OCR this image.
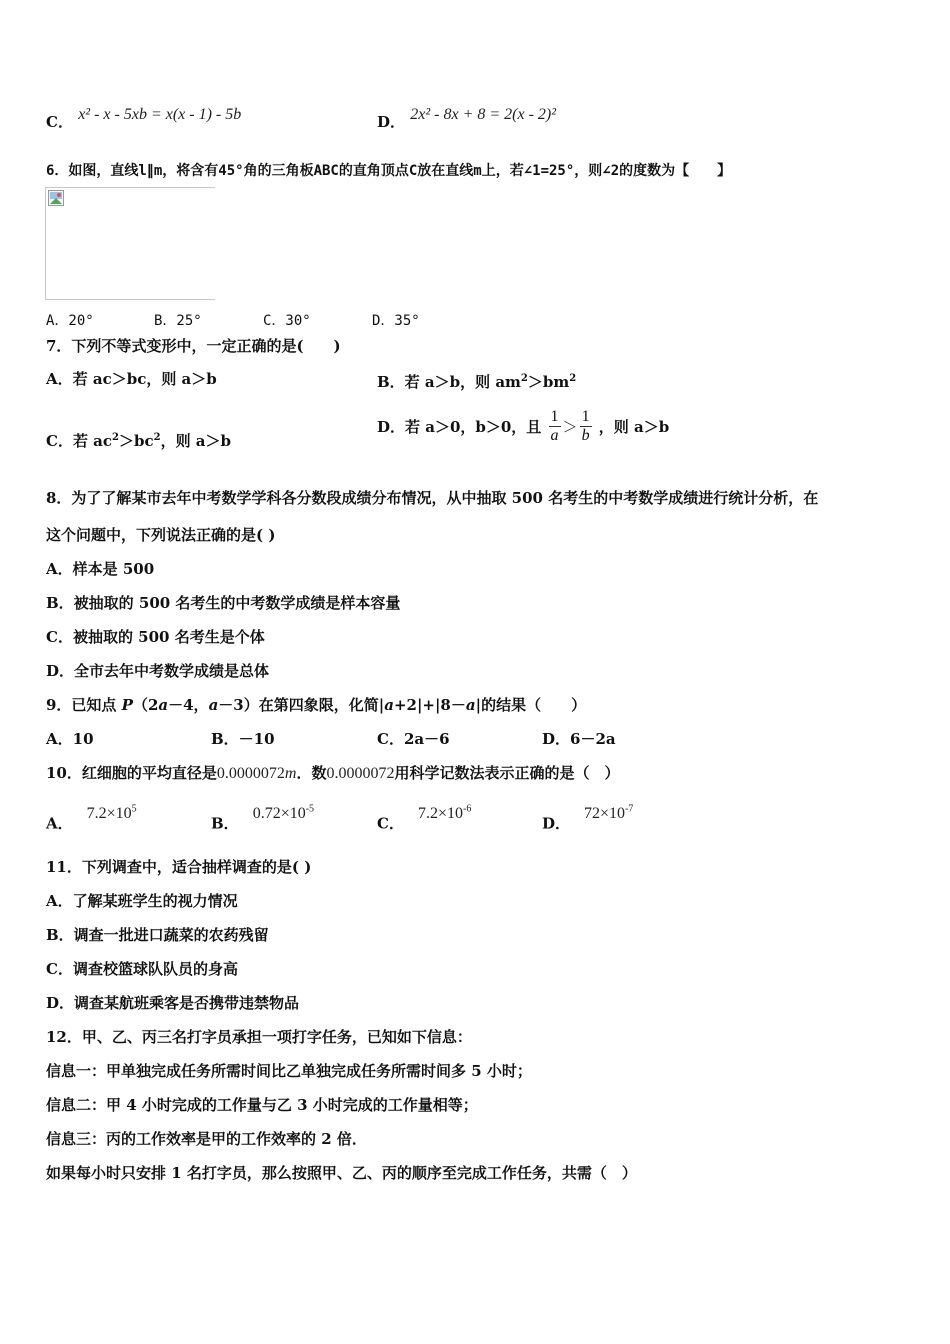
C． x² - x - 5xb = x(x - 1) - 5b	D． 2x² - 8x + 8 = 2(x - 2)²
6．如图，直线l∥m，将含有45°角的三角板ABC的直角顶点C放在直线m上，若∠1=25°，则∠2的度数为【　　】
A．20°	B．25°	C．30°	D．35°
7．下列不等式变形中，一定正确的是(　　)
A．若 ac＞bc，则 a＞b	B．若 a＞b，则 $am^2>bm^2$
C．若 $ac^2>bc^2$，则 a＞b
D．若 a＞0，b＞0，且 $\frac{1}{a} > \frac{1}{b}$ ，则 a＞b
8．为了了解某市去年中考数学学科各分数段成绩分布情况，从中抽取 500 名考生的中考数学成绩进行统计分析，在
这个问题中，下列说法正确的是( )
A．样本是 500
B．被抽取的 500 名考生的中考数学成绩是样本容量
C．被抽取的 500 名考生是个体
D．全市去年中考数学成绩是总体
9．已知点 P（2a－4，a－3）在第四象限，化简|a+2|+|8－a|的结果（　　）
A．10	B．－10	C．2a－6	D．6－2a
10．红细胞的平均直径是0.0000072m．数0.0000072用科学记数法表示正确的是（　）
A．$7.2\times 10^5$
B．$0.72\times 10^{-5}$
C．$7.2\times 10^{-6}$
D．$72\times 10^{-7}$
11．下列调查中，适合抽样调查的是( )
A．了解某班学生的视力情况
B．调查一批进口蔬菜的农药残留
C．调查校篮球队队员的身高
D．调查某航班乘客是否携带违禁物品
12．甲、乙、丙三名打字员承担一项打字任务，已知如下信息：
信息一：甲单独完成任务所需时间比乙单独完成任务所需时间多 5 小时；
信息二：甲 4 小时完成的工作量与乙 3 小时完成的工作量相等；
信息三：丙的工作效率是甲的工作效率的 2 倍．
如果每小时只安排 1 名打字员，那么按照甲、乙、丙的顺序至完成工作任务，共需（　）
